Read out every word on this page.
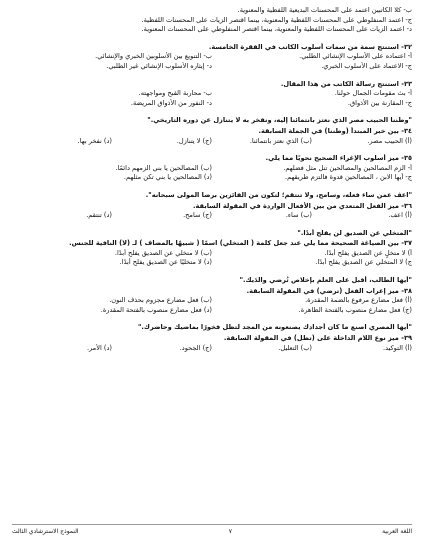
ب- كلا الكاتبين اعتمد على المحسنات البديعية اللفظية والمعنوية.
ج- اعتمد المنفلوطي على المحسنات اللفظية والمعنوية، بينما اقتصر الزيات على المحسنات اللفظية.
د- اعتمد الزيات على المحسنات اللفظية والمعنوية، بينما اقتصر المنفلوطي على المحسنات المعنوية.
٣٢- استنتج سمة من سمات أسلوب الكاتب في الفقرة الخامسة.
أ- اعتماده على الأسلوب الإنشائي الطلبي.
ب- التنويع بين الأسلوبين الخبري والإنشائي.
ج- الاعتماد على الأسلوب الخبري.
د- إيثاره الأسلوب الإنشائي غير الطلبي.
٣٣- استنتج رسالة الكاتب من هذا المقال.
أ- بث مقومات الجمال حولنا.
ب- محاربة القبح ومواجهته.
ج- المقارنة بين الأذواق.
د- النفور من الأذواق المريضة.
"وطننا الحبيب مصر الذي نعتز بانتمائنا إليه، ونفخر به لا يتنازل عن دوره التاريخي."
٣٤- بين خبر المبتدأ (وطننا) في الجملة السابقة.
(أ) الحبيب مصر.
(ب) الذي نعتز بانتمائنا.
(ج) لا يتنازل.
(د) نفخر بها.
٣٥- ميز أسلوب الإغراء الصحيح نحويًا مما يلي.
أ- الزم المصالحين والمصالحين تنل مثل فضلهم.
(ب) المصالحين يا بني الزمهم دائمًا.
ج- أيها الابن ، المصالحين قدوة فالتزم طريقهم.
(د) المصالحين يا بني تكن مثلهم.
"اعف عمن ساء فعله، وسامح، ولا تنتقم؛ لتكون من الفائزين برضا المولى سبحانه".
٣٦- ميز الفعل المتعدي من بين الأفعال الواردة في المقولة السابقة.
(أ) اعف.
(ب) ساء.
(ج) سامح.
(د) تنتقم.
"المتخلي عن الصديق لن يفلح أبدًا."
٣٧- بين الصياغة الصحيحة مما يلي عند جعل كلمة ( المتخلي) اسمًا ( شبيهًا بالمضاف ) لـ (لا) النافية للجنس.
أ) لا متخلٍ عن الصديق يفلح أبدًا.
(ب) لا متخلي عن الصديق يفلح أبدًا.
ج) لا المتخلي عن الصديق يفلح أبدًا.
(د) لا متخليًا عن الصديق يفلح أبدًا.
"أيها الطالب، أقبل على العلم بإخلاص تُرضي والدَيك."
٣٨- ميز إعراب الفعل (ترضي) في المقولة السابقة.
(أ) فعل مضارع مرفوع بالضمة المقدرة.
(ب) فعل مضارع مجزوم بحذف النون.
(ج) فعل مضارع منصوب بالفتحة الظاهرة.
(د) فعل مضارع منصوب بالفتحة المقدرة.
"أيها المصري اصنع ما كان أجدادك يصنعونه من المجد لتظل فخورًا بماضيك وحاضرك."
٣٩- ميز نوع اللام الداخلة على (تظل) في المقولة السابقة.
(أ) التوكيد.
(ب) التعليل.
(ج) الجحود.
(د) الأمر.
اللغة العربية
٧
النموذج الاسترشادي الثالث
